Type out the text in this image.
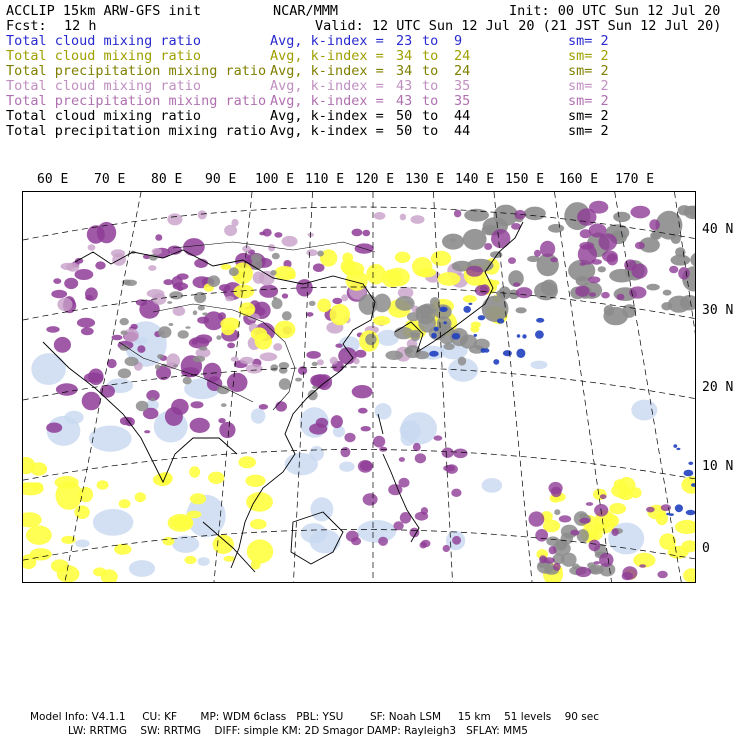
ACCLIP 15km ARW-GFS init	NCAR/MMM	Init: 00 UTC Sun 12 Jul 20
Fcst: 12 h	Valid: 12 UTC Sun 12 Jul 20 (21 JST Sun 12 Jul 20)
Total cloud mixing ratio	Avg, k-index = 23 to 9	sm= 2
Total cloud mixing ratio	Avg, k-index = 34 to 24	sm= 2
Total precipitation mixing ratio Avg, k-index = 34 to 24	sm= 2
Total cloud mixing ratio	Avg, k-index = 43 to 35	sm= 2
Total precipitation mixing ratio Avg, k-index = 43 to 35	sm= 2
Total cloud mixing ratio	Avg, k-index = 50 to 44	sm= 2
Total precipitation mixing ratio Avg, k-index = 50 to 44	sm= 2
60 E 70 E 80 E 90 E 100 E 110 E 120 E 130 E 140 E 150 E 160 E 170 E
40 N
30 N
20 N
10 N
0
Model Info: V4.1.1     CU: KF       MP: WDM 6class   PBL: YSU        SF: Noah LSM     15 km    51 levels    90 sec
LW: RRTMG    SW: RRTMG    DIFF: simple KM: 2D Smagor DAMP: Rayleigh3   SFLAY: MM5
